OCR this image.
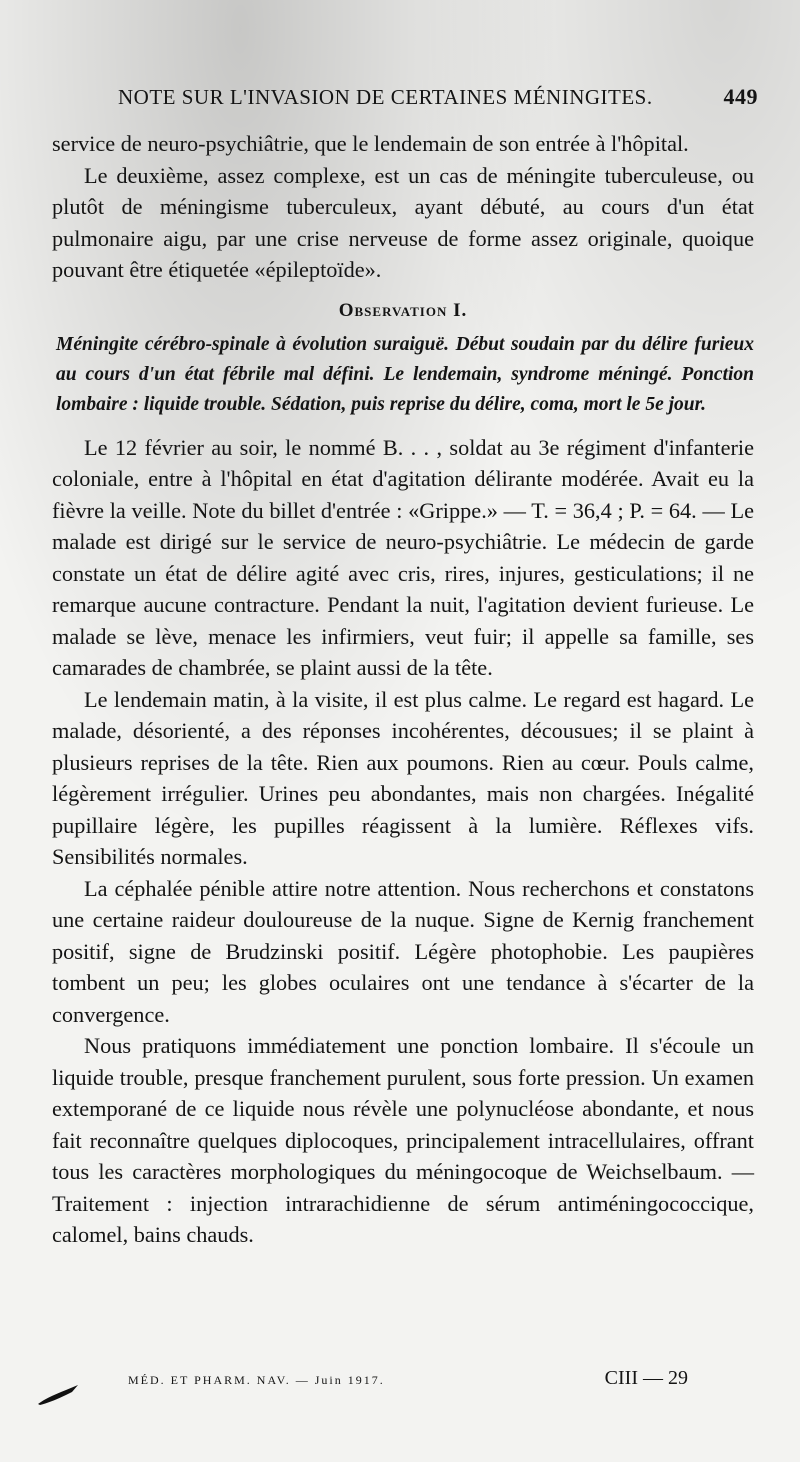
NOTE SUR L'INVASION DE CERTAINES MÉNINGITES.	449

service de neuro-psychiâtrie, que le lendemain de son entrée à l'hôpital.

Le deuxième, assez complexe, est un cas de méningite tuberculeuse, ou plutôt de méningisme tuberculeux, ayant débuté, au cours d'un état pulmonaire aigu, par une crise nerveuse de forme assez originale, quoique pouvant être étiquetée «épileptoïde».

Observation I.
Méningite cérébro-spinale à évolution suraiguë. Début soudain par du délire furieux au cours d'un état fébrile mal défini. Le lendemain, syndrome méningé. Ponction lombaire : liquide trouble. Sédation, puis reprise du délire, coma, mort le 5e jour.

Le 12 février au soir, le nommé B. . . , soldat au 3e régiment d'infanterie coloniale, entre à l'hôpital en état d'agitation délirante modérée. Avait eu la fièvre la veille. Note du billet d'entrée : «Grippe.» — T. = 36,4 ; P. = 64. — Le malade est dirigé sur le service de neuro-psychiâtrie. Le médecin de garde constate un état de délire agité avec cris, rires, injures, gesticulations; il ne remarque aucune contracture. Pendant la nuit, l'agitation devient furieuse. Le malade se lève, menace les infirmiers, veut fuir; il appelle sa famille, ses camarades de chambrée, se plaint aussi de la tête.

Le lendemain matin, à la visite, il est plus calme. Le regard est hagard. Le malade, désorienté, a des réponses incohérentes, décousues; il se plaint à plusieurs reprises de la tête. Rien aux poumons. Rien au cœur. Pouls calme, légèrement irrégulier. Urines peu abondantes, mais non chargées. Inégalité pupillaire légère, les pupilles réagissent à la lumière. Réflexes vifs. Sensibilités normales.

La céphalée pénible attire notre attention. Nous recherchons et constatons une certaine raideur douloureuse de la nuque. Signe de Kernig franchement positif, signe de Brudzinski positif. Légère photophobie. Les paupières tombent un peu; les globes oculaires ont une tendance à s'écarter de la convergence.

Nous pratiquons immédiatement une ponction lombaire. Il s'écoule un liquide trouble, presque franchement purulent, sous forte pression. Un examen extemporané de ce liquide nous révèle une polynucléose abondante, et nous fait reconnaître quelques diplocoques, principalement intracellulaires, offrant tous les caractères morphologiques du méningocoque de Weichselbaum. — Traitement : injection intrarachidienne de sérum antiméningococcique, calomel, bains chauds.

MÉD. ET PHARM. NAV. — Juin 1917.	CIII — 29
